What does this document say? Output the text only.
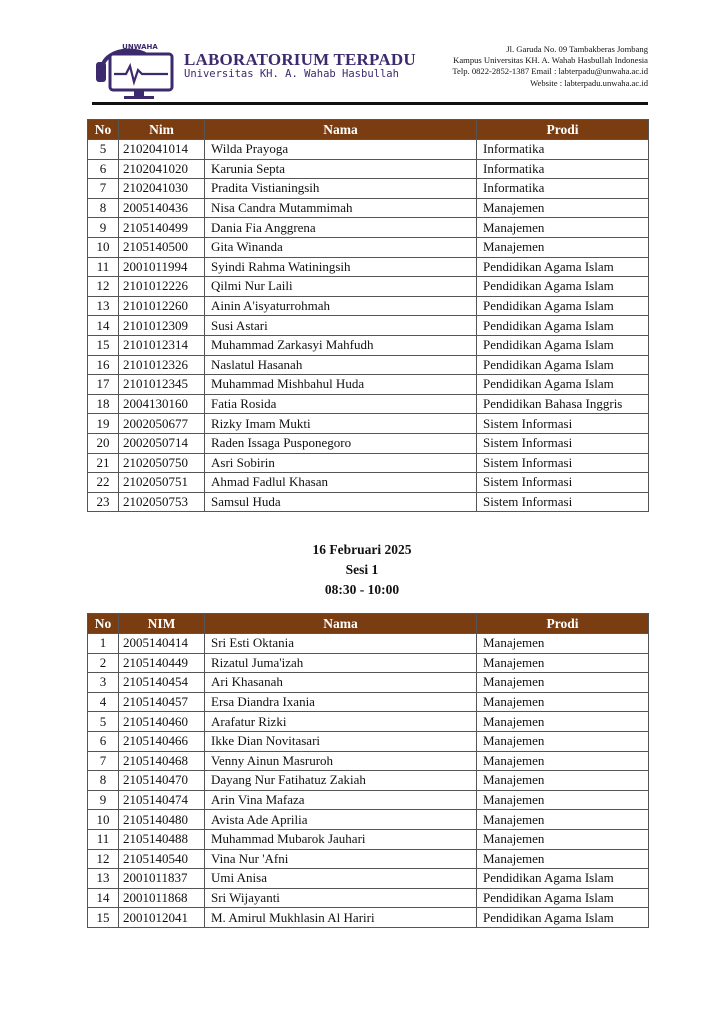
UNWAHA
LABORATORIUM TERPADU
Universitas KH. A. Wahab Hasbullah
Jl. Garuda No. 09 Tambakberas Jombang
Kampus Universitas KH. A. Wahab Hasbullah Indonesia
Telp. 0822-2852-1387 Email : labterpadu@unwaha.ac.id
Website : labterpadu.unwaha.ac.id
No	Nim	Nama	Prodi
5	2102041014	Wilda Prayoga	Informatika
6	2102041020	Karunia Septa	Informatika
7	2102041030	Pradita Vistianingsih	Informatika
8	2005140436	Nisa Candra Mutammimah	Manajemen
9	2105140499	Dania Fia Anggrena	Manajemen
10	2105140500	Gita Winanda	Manajemen
11	2001011994	Syindi Rahma Watiningsih	Pendidikan Agama Islam
12	2101012226	Qilmi Nur Laili	Pendidikan Agama Islam
13	2101012260	Ainin A'isyaturrohmah	Pendidikan Agama Islam
14	2101012309	Susi Astari	Pendidikan Agama Islam
15	2101012314	Muhammad Zarkasyi Mahfudh	Pendidikan Agama Islam
16	2101012326	Naslatul Hasanah	Pendidikan Agama Islam
17	2101012345	Muhammad Mishbahul Huda	Pendidikan Agama Islam
18	2004130160	Fatia Rosida	Pendidikan Bahasa Inggris
19	2002050677	Rizky Imam Mukti	Sistem Informasi
20	2002050714	Raden Issaga Pusponegoro	Sistem Informasi
21	2102050750	Asri Sobirin	Sistem Informasi
22	2102050751	Ahmad Fadlul Khasan	Sistem Informasi
23	2102050753	Samsul Huda	Sistem Informasi
16 Februari 2025
Sesi 1
08:30 - 10:00
No	NIM	Nama	Prodi
1	2005140414	Sri Esti Oktania	Manajemen
2	2105140449	Rizatul Juma'izah	Manajemen
3	2105140454	Ari Khasanah	Manajemen
4	2105140457	Ersa Diandra Ixania	Manajemen
5	2105140460	Arafatur Rizki	Manajemen
6	2105140466	Ikke Dian Novitasari	Manajemen
7	2105140468	Venny Ainun Masruroh	Manajemen
8	2105140470	Dayang Nur Fatihatuz Zakiah	Manajemen
9	2105140474	Arin Vina Mafaza	Manajemen
10	2105140480	Avista Ade Aprilia	Manajemen
11	2105140488	Muhammad Mubarok Jauhari	Manajemen
12	2105140540	Vina Nur 'Afni	Manajemen
13	2001011837	Umi Anisa	Pendidikan Agama Islam
14	2001011868	Sri Wijayanti	Pendidikan Agama Islam
15	2001012041	M. Amirul Mukhlasin Al Hariri	Pendidikan Agama Islam
